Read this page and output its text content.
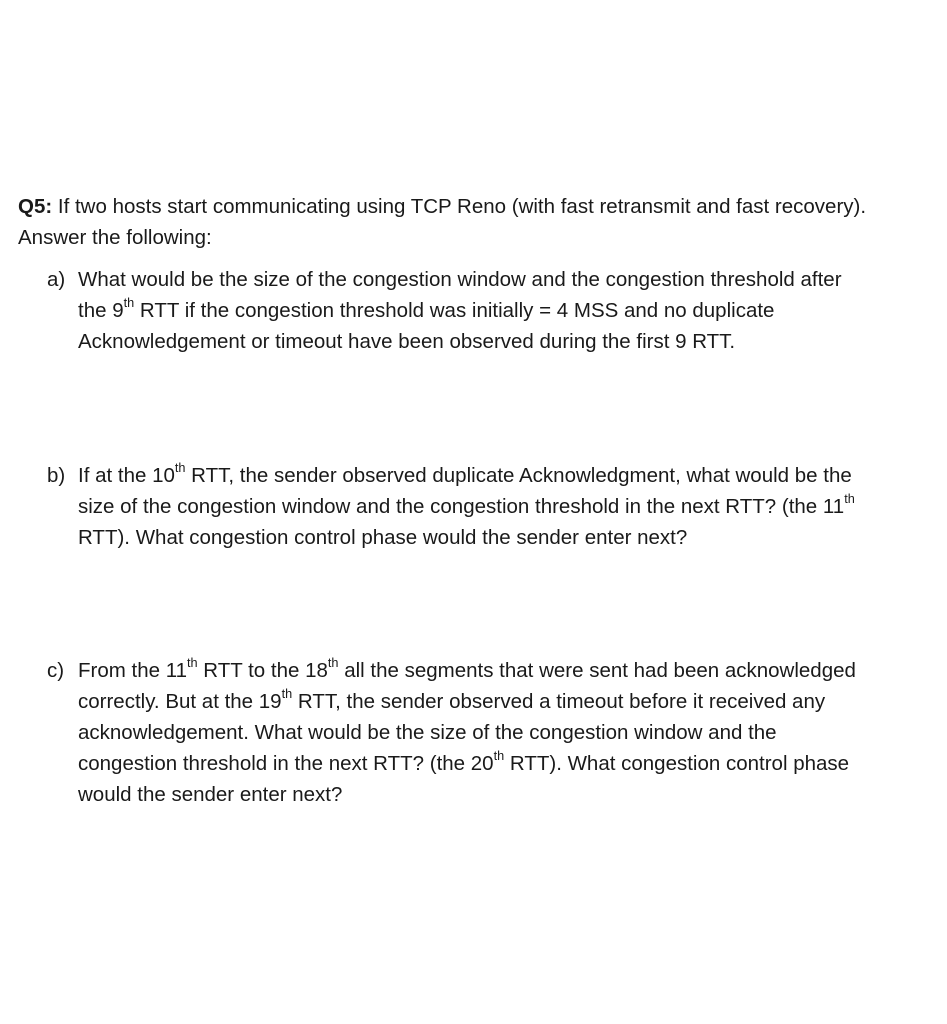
Q5: If two hosts start communicating using TCP Reno (with fast retransmit and fast recovery).

Answer the following:

a) What would be the size of the congestion window and the congestion threshold after

the 9th RTT if the congestion threshold was initially = 4 MSS and no duplicate

Acknowledgement or timeout have been observed during the first 9 RTT.

b) If at the 10th RTT, the sender observed duplicate Acknowledgment, what would be the

size of the congestion window and the congestion threshold in the next RTT? (the 11th

RTT). What congestion control phase would the sender enter next?

c) From the 11th RTT to the 18th all the segments that were sent had been acknowledged

correctly. But at the 19th RTT, the sender observed a timeout before it received any

acknowledgement. What would be the size of the congestion window and the

congestion threshold in the next RTT? (the 20th RTT). What congestion control phase

would the sender enter next?
